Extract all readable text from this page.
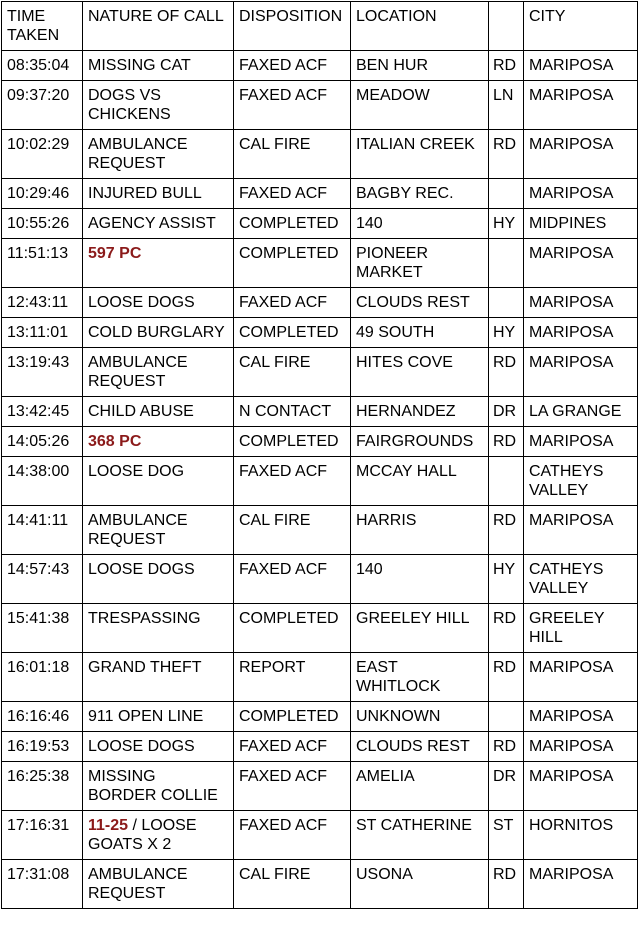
TIME TAKEN	NATURE OF CALL	DISPOSITION	LOCATION		CITY
08:35:04	MISSING CAT	FAXED ACF	BEN HUR	RD	MARIPOSA
09:37:20	DOGS VS CHICKENS	FAXED ACF	MEADOW	LN	MARIPOSA
10:02:29	AMBULANCE REQUEST	CAL FIRE	ITALIAN CREEK	RD	MARIPOSA
10:29:46	INJURED BULL	FAXED ACF	BAGBY REC.		MARIPOSA
10:55:26	AGENCY ASSIST	COMPLETED	140	HY	MIDPINES
11:51:13	597 PC	COMPLETED	PIONEER MARKET		MARIPOSA
12:43:11	LOOSE DOGS	FAXED ACF	CLOUDS REST		MARIPOSA
13:11:01	COLD BURGLARY	COMPLETED	49 SOUTH	HY	MARIPOSA
13:19:43	AMBULANCE REQUEST	CAL FIRE	HITES COVE	RD	MARIPOSA
13:42:45	CHILD ABUSE	N CONTACT	HERNANDEZ	DR	LA GRANGE
14:05:26	368 PC	COMPLETED	FAIRGROUNDS	RD	MARIPOSA
14:38:00	LOOSE DOG	FAXED ACF	MCCAY HALL		CATHEYS VALLEY
14:41:11	AMBULANCE REQUEST	CAL FIRE	HARRIS	RD	MARIPOSA
14:57:43	LOOSE DOGS	FAXED ACF	140	HY	CATHEYS VALLEY
15:41:38	TRESPASSING	COMPLETED	GREELEY HILL	RD	GREELEY HILL
16:01:18	GRAND THEFT	REPORT	EAST WHITLOCK	RD	MARIPOSA
16:16:46	911 OPEN LINE	COMPLETED	UNKNOWN		MARIPOSA
16:19:53	LOOSE DOGS	FAXED ACF	CLOUDS REST	RD	MARIPOSA
16:25:38	MISSING BORDER COLLIE	FAXED ACF	AMELIA	DR	MARIPOSA
17:16:31	11-25 / LOOSE GOATS X 2	FAXED ACF	ST CATHERINE	ST	HORNITOS
17:31:08	AMBULANCE REQUEST	CAL FIRE	USONA	RD	MARIPOSA
